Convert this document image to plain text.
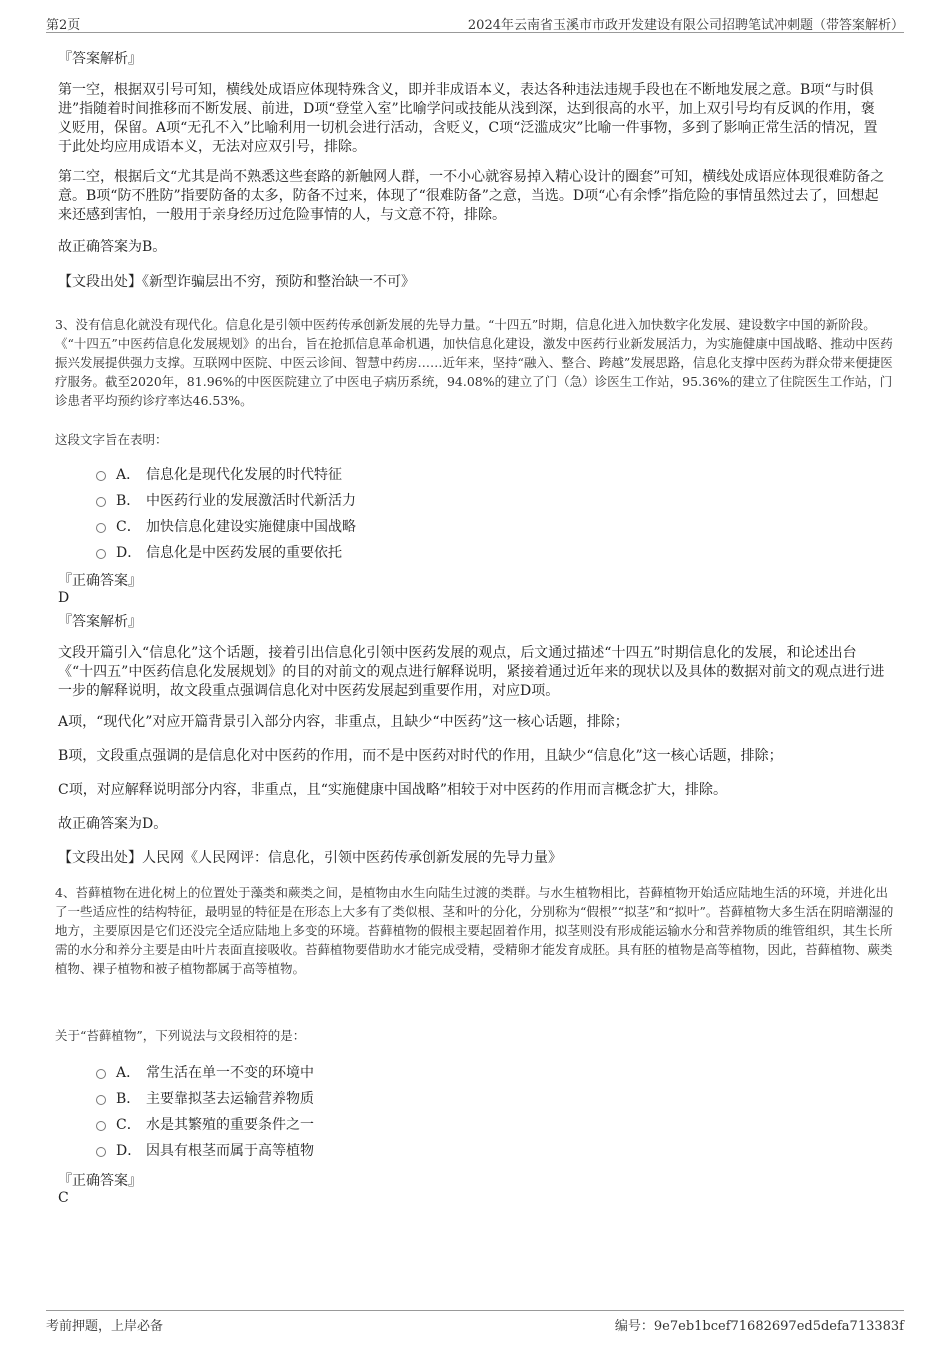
第2页	2024年云南省玉溪市市政开发建设有限公司招聘笔试冲刺题（带答案解析）
『答案解析』
第一空，根据双引号可知，横线处成语应体现特殊含义，即并非成语本义，表达各种违法违规手段也在不断地发展之意。B项“与时俱进”指随着时间推移而不断发展、前进，D项“登堂入室”比喻学问或技能从浅到深，达到很高的水平，加上双引号均有反讽的作用，褒义贬用，保留。A项“无孔不入”比喻利用一切机会进行活动，含贬义，C项“泛滥成灾”比喻一件事物，多到了影响正常生活的情况，置于此处均应用成语本义，无法对应双引号，排除。
第二空，根据后文“尤其是尚不熟悉这些套路的新触网人群，一不小心就容易掉入精心设计的圈套”可知，横线处成语应体现很难防备之意。B项“防不胜防”指要防备的太多，防备不过来，体现了“很难防备”之意，当选。D项“心有余悸”指危险的事情虽然过去了，回想起来还感到害怕，一般用于亲身经历过危险事情的人，与文意不符，排除。
故正确答案为B。
【文段出处】《新型诈骗层出不穷，预防和整治缺一不可》
3、没有信息化就没有现代化。信息化是引领中医药传承创新发展的先导力量。“十四五”时期，信息化进入加快数字化发展、建设数字中国的新阶段。《“十四五”中医药信息化发展规划》的出台，旨在抢抓信息革命机遇，加快信息化建设，激发中医药行业新发展活力，为实施健康中国战略、推动中医药振兴发展提供强力支撑。互联网中医院、中医云诊间、智慧中药房……近年来，坚持“融入、整合、跨越”发展思路，信息化支撑中医药为群众带来便捷医疗服务。截至2020年，81.96%的中医医院建立了中医电子病历系统，94.08%的建立了门（急）诊医生工作站，95.36%的建立了住院医生工作站，门诊患者平均预约诊疗率达46.53%。
这段文字旨在表明：
A． 信息化是现代化发展的时代特征
B． 中医药行业的发展激活时代新活力
C． 加快信息化建设实施健康中国战略
D． 信息化是中医药发展的重要依托
『正确答案』
D
『答案解析』
文段开篇引入“信息化”这个话题，接着引出信息化引领中医药发展的观点，后文通过描述“十四五”时期信息化的发展，和论述出台《“十四五”中医药信息化发展规划》的目的对前文的观点进行解释说明，紧接着通过近年来的现状以及具体的数据对前文的观点进行进一步的解释说明，故文段重点强调信息化对中医药发展起到重要作用，对应D项。
A项，“现代化”对应开篇背景引入部分内容，非重点，且缺少“中医药”这一核心话题，排除；
B项，文段重点强调的是信息化对中医药的作用，而不是中医药对时代的作用，且缺少“信息化”这一核心话题，排除；
C项，对应解释说明部分内容，非重点，且“实施健康中国战略”相较于对中医药的作用而言概念扩大，排除。
故正确答案为D。
【文段出处】人民网《人民网评：信息化，引领中医药传承创新发展的先导力量》
4、苔藓植物在进化树上的位置处于藻类和蕨类之间，是植物由水生向陆生过渡的类群。与水生植物相比，苔藓植物开始适应陆地生活的环境，并进化出了一些适应性的结构特征，最明显的特征是在形态上大多有了类似根、茎和叶的分化，分别称为“假根”“拟茎”和“拟叶”。苔藓植物大多生活在阴暗潮湿的地方，主要原因是它们还没完全适应陆地上多变的环境。苔藓植物的假根主要起固着作用，拟茎则没有形成能运输水分和营养物质的维管组织，其生长所需的水分和养分主要是由叶片表面直接吸收。苔藓植物要借助水才能完成受精，受精卵才能发育成胚。具有胚的植物是高等植物，因此，苔藓植物、蕨类植物、裸子植物和被子植物都属于高等植物。
关于“苔藓植物”，下列说法与文段相符的是：
A． 常生活在单一不变的环境中
B． 主要靠拟茎去运输营养物质
C． 水是其繁殖的重要条件之一
D． 因具有根茎而属于高等植物
『正确答案』
C
考前押题，上岸必备	编号：9e7eb1bcef71682697ed5defa713383f
